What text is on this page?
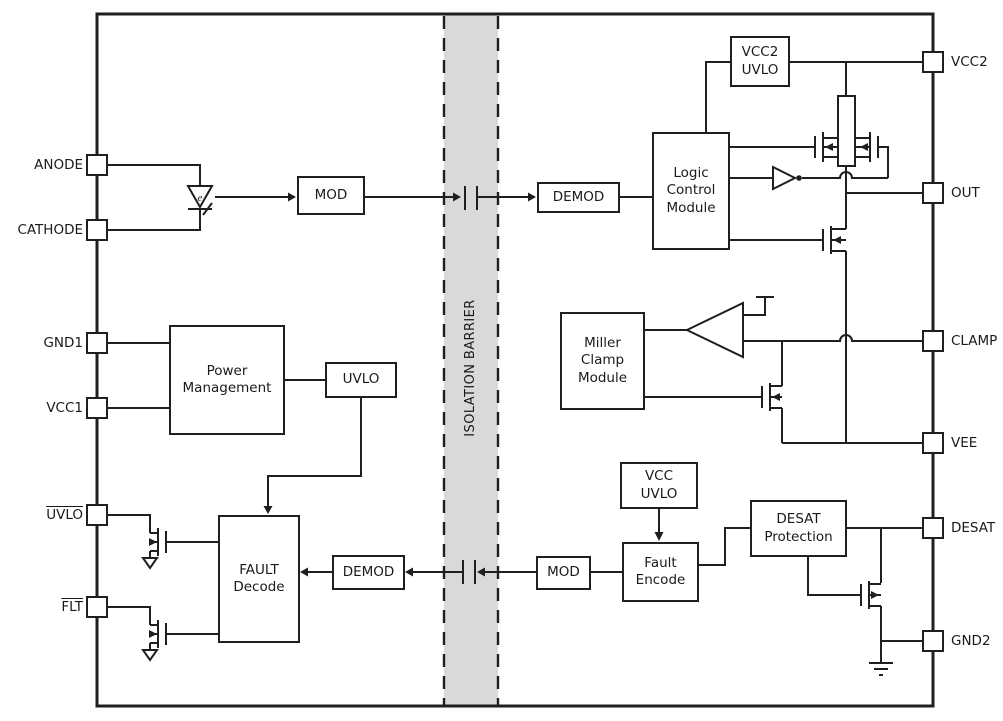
e	MOD	DEMOD
Logic
Control
Module
VCC2
UVLO
Miller
Clamp
Module
Power
Management
UVLO
FAULT
Decode
DEMOD	MOD
Fault
Encode
VCC
UVLO
DESAT
Protection
ISOLATION BARRIER
ANODE
CATHODE
GND1
VCC1
UVLO
$\overline{FLT}$
VCC2
OUT
CLAMP
VEE
DESAT
GND2
